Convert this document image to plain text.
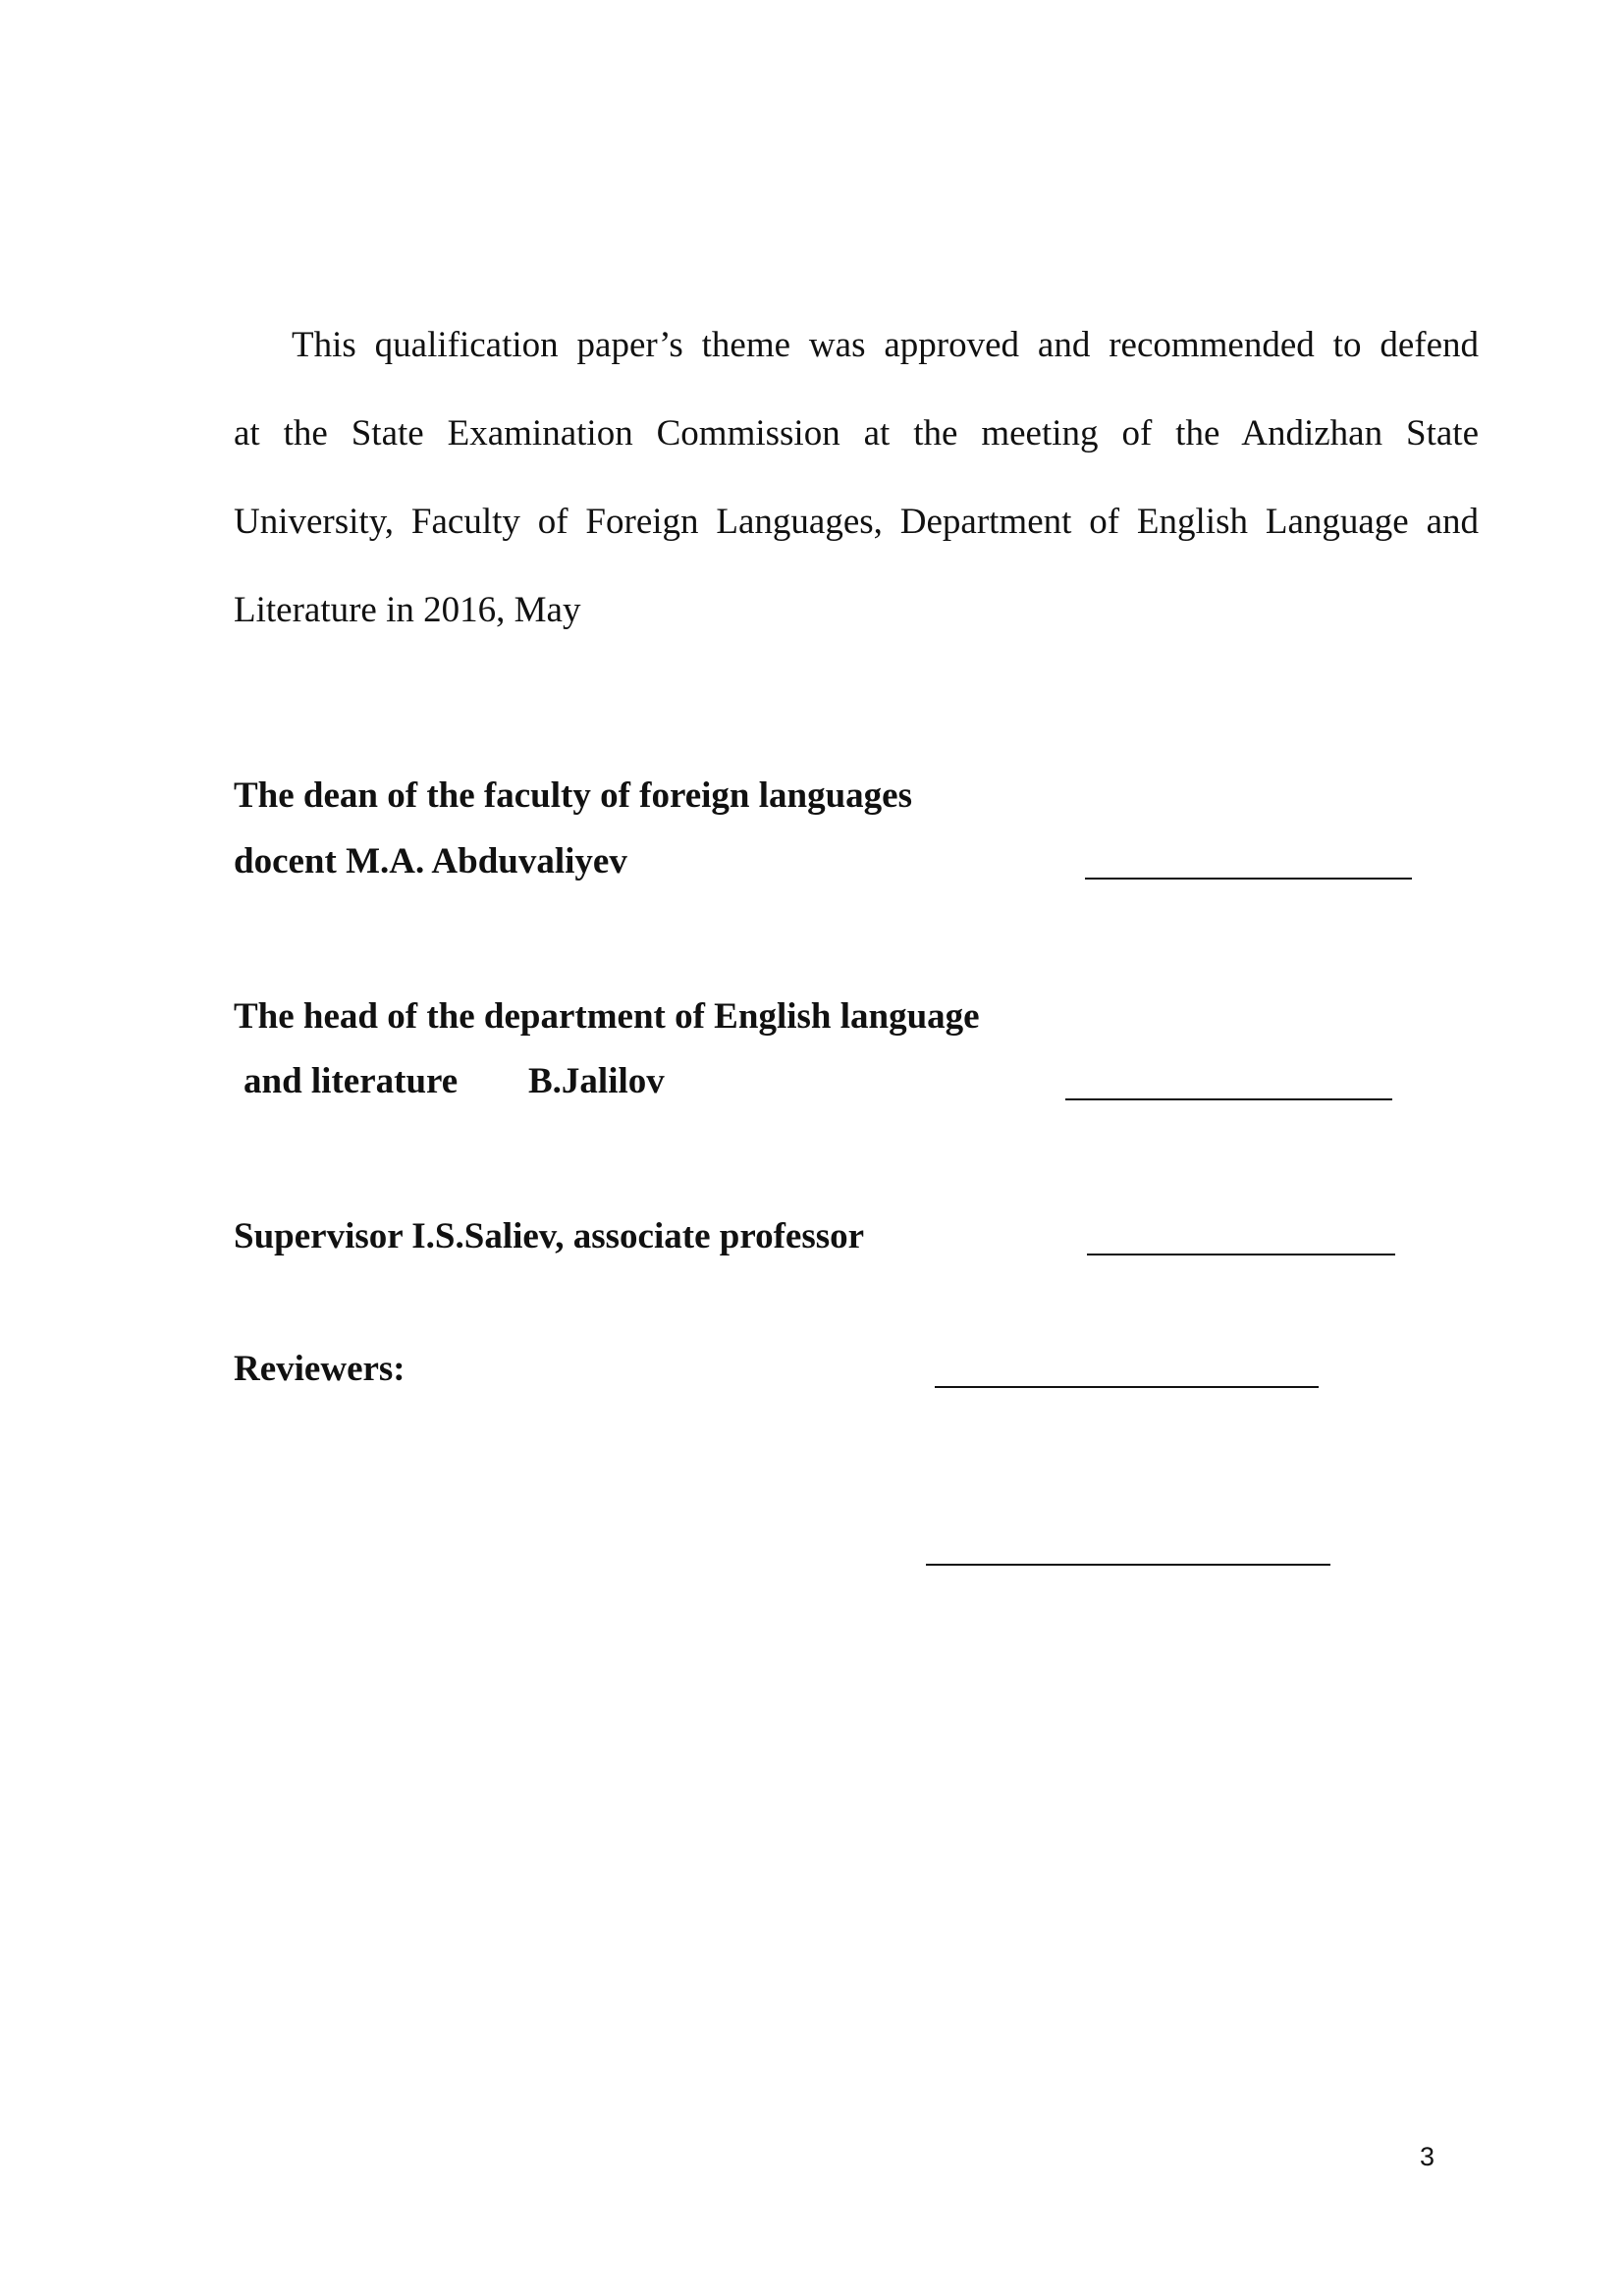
This qualification paper’s theme was approved and recommended to defend
at the State Examination Commission at the meeting of the Andizhan State
University, Faculty of Foreign Languages, Department of English Language and
Literature in 2016, May
The dean of the faculty of foreign languages
docent M.A. Abduvaliyev
The head of the department of English language
and literature B.Jalilov
Supervisor I.S.Saliev, associate professor
Reviewers:
3
